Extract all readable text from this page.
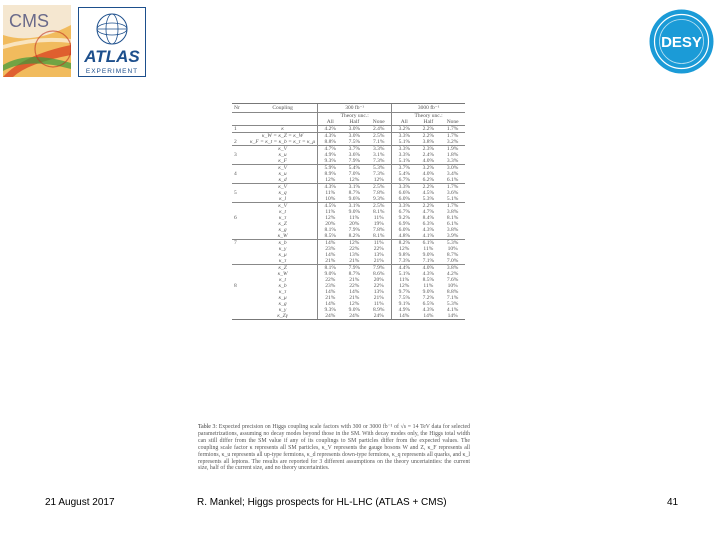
CMS
ATLAS
EXPERIMENT
DESY
Nr	Coupling	300 fb⁻¹			3000 fb⁻¹		
		Theory unc.:			Theory unc.:		
		All	Half	None	All	Half	None
1	κ	4.2%	3.0%	2.4%	3.2%	2.2%	1.7%
	κ_W = κ_Z = κ_W	4.3%	3.0%	2.5%	3.3%	2.2%	1.7%
2	κ_F = κ_t = κ_b = κ_τ = κ_μ	8.8%	7.5%	7.1%	5.1%	3.8%	3.2%
	κ_V	4.7%	3.7%	3.3%	3.3%	2.3%	1.9%
3	κ_u	4.9%	3.6%	3.1%	3.3%	2.4%	1.8%
	κ_F	9.3%	7.9%	7.3%	5.1%	4.0%	3.3%
	κ_V	5.9%	5.4%	5.3%	3.7%	3.2%	3.0%
4	κ_u	8.9%	7.0%	7.3%	5.4%	4.0%	3.4%
	κ_d	12%	12%	12%	6.7%	6.2%	6.1%
	κ_V	4.3%	3.1%	2.5%	3.3%	2.2%	1.7%
5	κ_q	11%	8.7%	7.8%	6.6%	4.5%	3.6%
	κ_l	10%	9.6%	9.3%	6.0%	5.3%	5.1%
	κ_V	4.5%	3.1%	2.5%	3.3%	2.2%	1.7%
	κ_t	11%	9.0%	8.1%	6.7%	4.7%	3.8%
6	κ_τ	12%	11%	11%	9.2%	8.4%	8.1%
	κ_Z	20%	20%	19%	6.9%	6.3%	6.1%
	κ_g	8.1%	7.9%	7.8%	6.0%	4.3%	3.8%
	κ_W	8.5%	8.2%	8.1%	4.8%	4.1%	3.9%
7	κ_b	14%	12%	11%	8.2%	6.1%	5.3%
	κ_γ	23%	22%	22%	12%	11%	10%
	κ_μ	14%	13%	13%	9.8%	9.0%	8.7%
	κ_τ	21%	21%	21%	7.3%	7.1%	7.0%
	κ_Z	8.1%	7.9%	7.9%	4.4%	4.0%	3.8%
	κ_W	9.0%	8.7%	8.6%	5.1%	4.3%	4.2%
	κ_t	22%	21%	20%	11%	8.5%	7.6%
8	κ_b	23%	22%	22%	12%	11%	10%
	κ_τ	14%	14%	13%	9.7%	9.0%	8.8%
	κ_μ	21%	21%	21%	7.5%	7.2%	7.1%
	κ_g	14%	12%	11%	9.1%	6.5%	5.3%
	κ_γ	9.3%	9.0%	8.9%	4.9%	4.3%	4.1%
	κ_Zγ	24%	24%	24%	14%	14%	14%
Table 3: Expected precision on Higgs coupling scale factors with 300 or 3000 fb⁻¹ of √s = 14 TeV data for selected parametrizations, assuming no decay modes beyond those in the SM. With decay modes only, the Higgs total width can still differ from the SM value if any of its couplings to SM particles differ from the expected values. The coupling scale factor κ represents all SM particles, κ_V represents the gauge bosons W and Z, κ_F represents all fermions, κ_u represents all up-type fermions, κ_d represents down-type fermions, κ_q represents all quarks, and κ_l represents all leptons. The results are reported for 3 different assumptions on the theory uncertainties: the current size, half of the current size, and no theory uncertainties.
21 August 2017	R. Mankel; Higgs prospects for HL-LHC (ATLAS + CMS)	41
